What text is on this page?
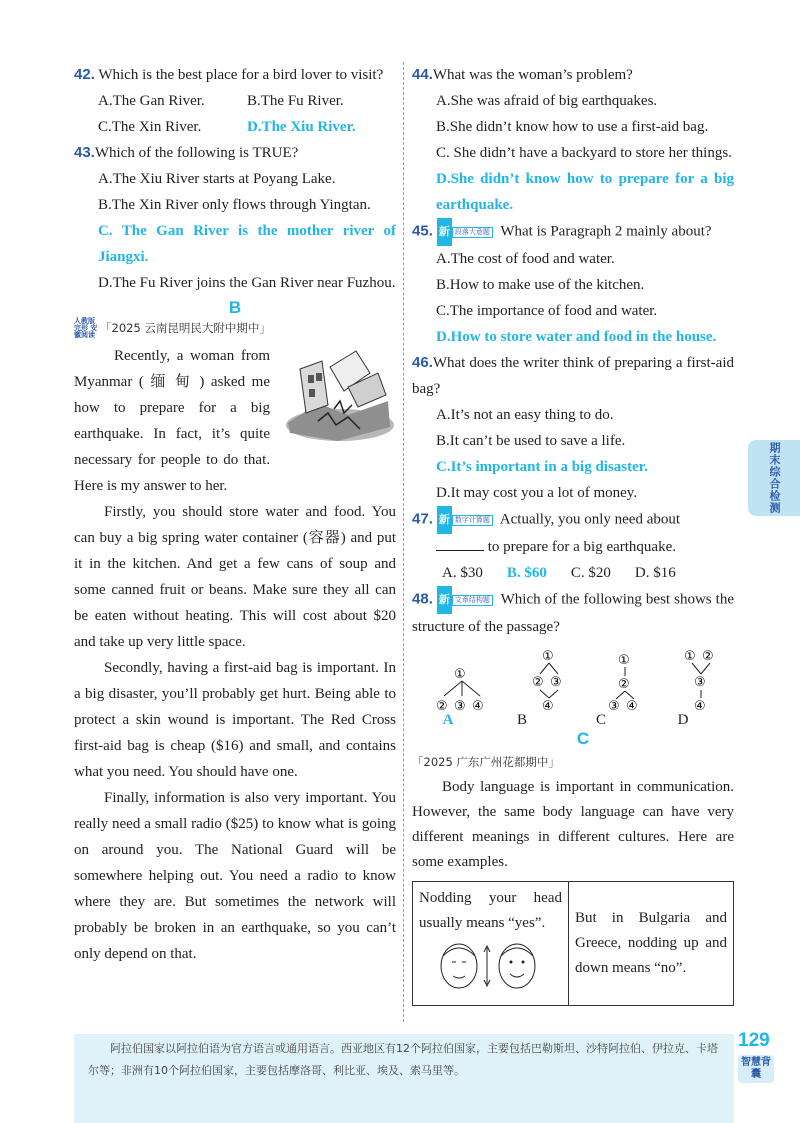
42. Which is the best place for a bird lover to visit?
A.The Gan River.	B.The Fu River.
C.The Xin River.	D.The Xiu River.
43.Which of the following is TRUE?
A.The Xiu River starts at Poyang Lake.
B.The Xin River only flows through Yingtan.
C. The Gan River is the mother river of Jiangxi.
D.The Fu River joins the Gan River near Fuzhou.
B
人教版完形 安徽阅读 「2025 云南昆明民大附中期中」
Recently, a woman from Myanmar ( 缅 甸 ) asked me how to prepare for a big earthquake. In fact, it’s quite necessary for people to do that. Here is my answer to her.
Firstly, you should store water and food. You can buy a big spring water container (容器) and put it in the kitchen. And get a few cans of soup and some canned fruit or beans. Make sure they all can be eaten without heating. This will cost about $20 and take up very little space.
Secondly, having a first-aid bag is important. In a big disaster, you’ll probably get hurt. Being able to protect a skin wound is important. The Red Cross first-aid bag is cheap ($16) and small, and contains what you need. You should have one.
Finally, information is also very important. You really need a small radio ($25) to know what is going on around you. The National Guard will be somewhere helping out. You need a radio to know where they are. But sometimes the network will probably be broken in an earthquake, so you can’t only depend on that.
44.What was the woman’s problem?
A.She was afraid of big earthquakes.
B.She didn’t know how to use a first-aid bag.
C. She didn’t have a backyard to store her things.
D.She didn’t know how to prepare for a big earthquake.
45. 新 段落大意题 What is Paragraph 2 mainly about?
A.The cost of food and water.
B.How to make use of the kitchen.
C.The importance of food and water.
D.How to store water and food in the house.
46.What does the writer think of preparing a first-aid bag?
A.It’s not an easy thing to do.
B.It can’t be used to save a life.
C.It’s important in a big disaster.
D.It may cost you a lot of money.
47. 新 数字计算题 Actually, you only need about
to prepare for a big earthquake.
A. $30 B. $60 C. $20 D. $16
48. 新 文章结构题 Which of the following best shows the structure of the passage?
①
② ③ ④
①
② ③
④
①
②
③ ④
① ②
③
④
A	B	C	D
C
「2025 广东广州花都期中」
Body language is important in communication. However, the same body language can have very different meanings in different cultures. Here are some examples.
Nodding your head usually means “yes”.	But in Bulgaria and Greece, nodding up and down means “no”.
期末综合检测
阿拉伯国家以阿拉伯语为官方语言或通用语言。西亚地区有12个阿拉伯国家，主要包括巴勒斯坦、沙特阿拉伯、伊拉克、卡塔尔等；非洲有10个阿拉伯国家，主要包括摩洛哥、利比亚、埃及、索马里等。
129
智慧背囊
